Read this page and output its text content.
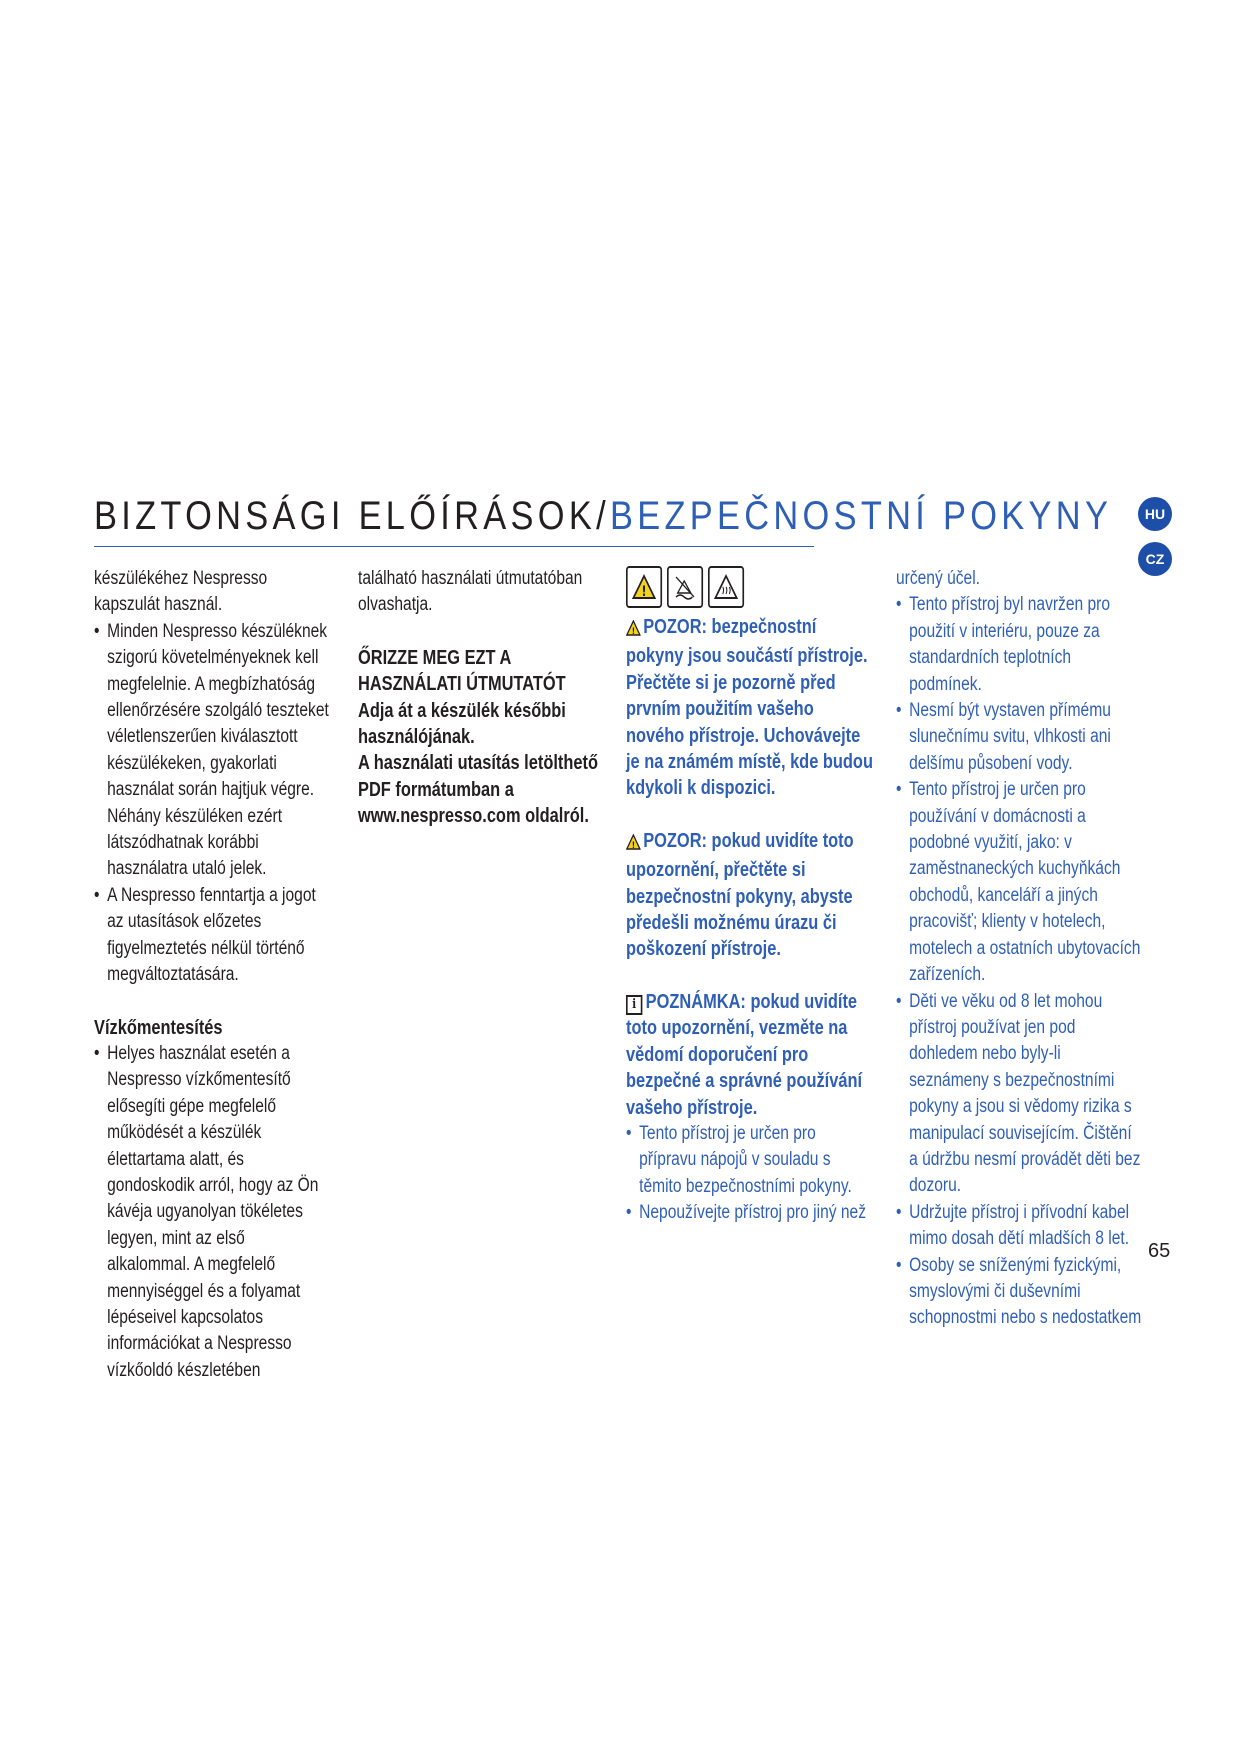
BIZTONSÁGI ELŐÍRÁSOK/BEZPEČNOSTNÍ POKYNY	HU
CZ

készülékéhez Nespresso kapszulát használ.

• Minden Nespresso készüléknek szigorú követelményeknek kell megfelelnie. A megbízhatóság ellenőrzésére szolgáló teszteket véletlenszerűen kiválasztott készülékeken, gyakorlati használat során hajtjuk végre. Néhány készüléken ezért látszódhatnak korábbi használatra utaló jelek.
• A Nespresso fenntartja a jogot az utasítások előzetes figyelmeztetés nélkül történő megváltoztatására.

Vízkőmentesítés

• Helyes használat esetén a Nespresso vízkőmentesítő elősegíti gépe megfelelő működését a készülék élettartama alatt, és gondoskodik arról, hogy az Ön kávéja ugyanolyan tökéletes legyen, mint az első alkalommal. A megfelelő mennyiséggel és a folyamat lépéseivel kapcsolatos információkat a Nespresso vízkőoldó készletében

található használati útmutatóban olvashatja.

ŐRIZZE MEG EZT A HASZNÁLATI ÚTMUTATÓT

Adja át a készülék későbbi használójának.

A használati utasítás letölthető PDF formátumban a www.nespresso.com oldalról.

!

! POZOR: bezpečnostní pokyny jsou součástí přístroje. Přečtěte si je pozorně před prvním použitím vašeho nového přístroje. Uchovávejte je na známém místě, kde budou kdykoli k dispozici.

! POZOR: pokud uvidíte toto upozornění, přečtěte si bezpečnostní pokyny, abyste předešli možnému úrazu či poškození přístroje.

i POZNÁMKA: pokud uvidíte toto upozornění, vezměte na vědomí doporučení pro bezpečné a správné používání vašeho přístroje.

• Tento přístroj je určen pro přípravu nápojů v souladu s těmito bezpečnostními pokyny.
• Nepoužívejte přístroj pro jiný než

určený účel.

• Tento přístroj byl navržen pro použití v interiéru, pouze za standardních teplotních podmínek.
• Nesmí být vystaven přímému slunečnímu svitu, vlhkosti ani delšímu působení vody.
• Tento přístroj je určen pro používání v domácnosti a podobné využití, jako: v zaměstnaneckých kuchyňkách obchodů, kanceláří a jiných pracovišť; klienty v hotelech, motelech a ostatních ubytovacích zařízeních.
• Děti ve věku od 8 let mohou přístroj používat jen pod dohledem nebo byly-li seznámeny s bezpečnostními pokyny a jsou si vědomy rizika s manipulací souvisejícím. Čištění a údržbu nesmí provádět děti bez dozoru.
• Udržujte přístroj i přívodní kabel mimo dosah dětí mladších 8 let.
• Osoby se sníženými fyzickými, smyslovými či duševními schopnostmi nebo s nedostatkem
65
